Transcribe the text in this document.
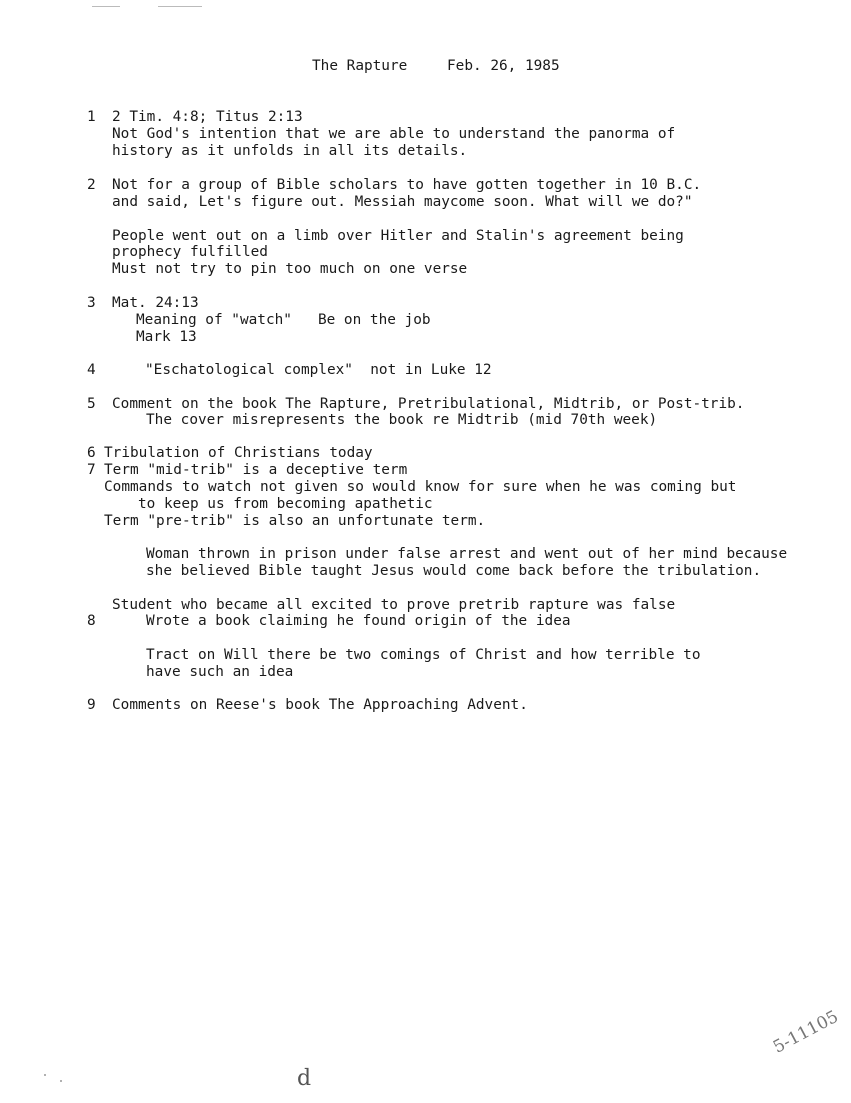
The Rapture	Feb. 26, 1985
1 2 Tim. 4:8; Titus 2:13
Not God's intention that we are able to understand the panorma of
history as it unfolds in all its details.
2 Not for a group of Bible scholars to have gotten together in 10 B.C.
and said, Let's figure out. Messiah maycome soon. What will we do?"
People went out on a limb over Hitler and Stalin's agreement being
prophecy fulfilled
Must not try to pin too much on one verse
3 Mat. 24:13
Meaning of "watch"   Be on the job
Mark 13
4	"Eschatological complex"  not in Luke 12
5 Comment on the book The Rapture, Pretribulational, Midtrib, or Post-trib.
The cover misrepresents the book re Midtrib (mid 70th week)
6 Tribulation of Christians today
7 Term "mid-trib" is a deceptive term
Commands to watch not given so would know for sure when he was coming but
to keep us from becoming apathetic
Term "pre-trib" is also an unfortunate term.
Woman thrown in prison under false arrest and went out of her mind because
she believed Bible taught Jesus would come back before the tribulation.
Student who became all excited to prove pretrib rapture was false
8	Wrote a book claiming he found origin of the idea
Tract on Will there be two comings of Christ and how terrible to
have such an idea
9 Comments on Reese's book The Approaching Advent.
5-11105
d
